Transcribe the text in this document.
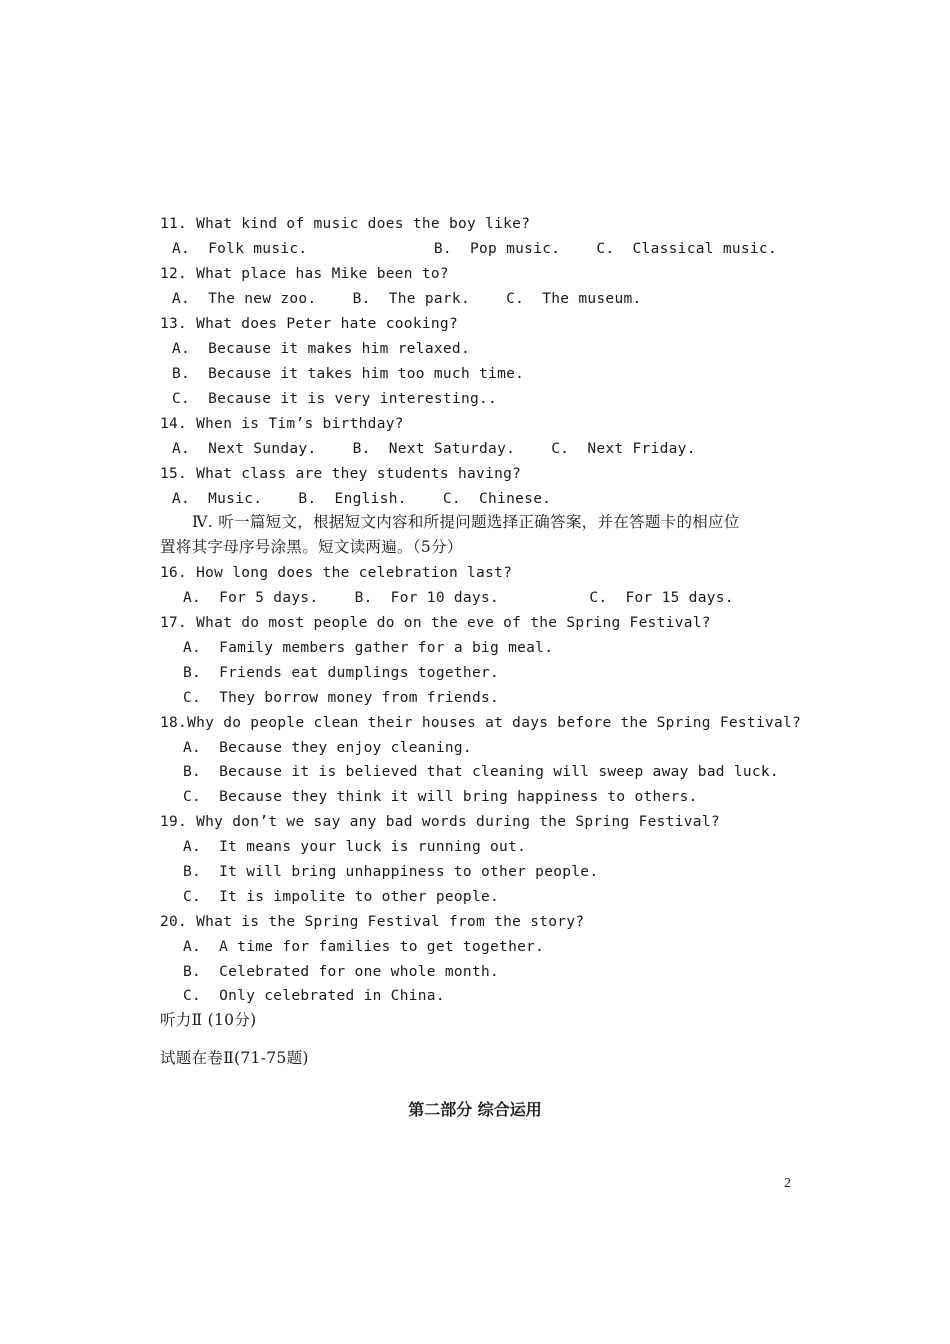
11. What kind of music does the boy like?
A.  Folk music.              B.  Pop music.    C.  Classical music.
12. What place has Mike been to?
A.  The new zoo.    B.  The park.    C.  The museum.
13. What does Peter hate cooking?
A.  Because it makes him relaxed.
B.  Because it takes him too much time.
C.  Because it is very interesting..
14. When is Tim’s birthday?
A.  Next Sunday.    B.  Next Saturday.    C.  Next Friday.
15. What class are they students having?
A.  Music.    B.  English.    C.  Chinese.
Ⅳ. 听一篇短文，根据短文内容和所提问题选择正确答案，并在答题卡的相应位
置将其字母序号涂黑。短文读两遍。（5分）
16. How long does the celebration last?
A.  For 5 days.    B.  For 10 days.          C.  For 15 days.
17. What do most people do on the eve of the Spring Festival?
A.  Family members gather for a big meal.
B.  Friends eat dumplings together.
C.  They borrow money from friends.
18.Why do people clean their houses at days before the Spring Festival?
A.  Because they enjoy cleaning.
B.  Because it is believed that cleaning will sweep away bad luck.
C.  Because they think it will bring happiness to others.
19. Why don’t we say any bad words during the Spring Festival?
A.  It means your luck is running out.
B.  It will bring unhappiness to other people.
C.  It is impolite to other people.
20. What is the Spring Festival from the story?
A.  A time for families to get together.
B.  Celebrated for one whole month.
C.  Only celebrated in China.
听力Ⅱ (10分)
试题在卷Ⅱ(71-75题)
第二部分 综合运用
2
